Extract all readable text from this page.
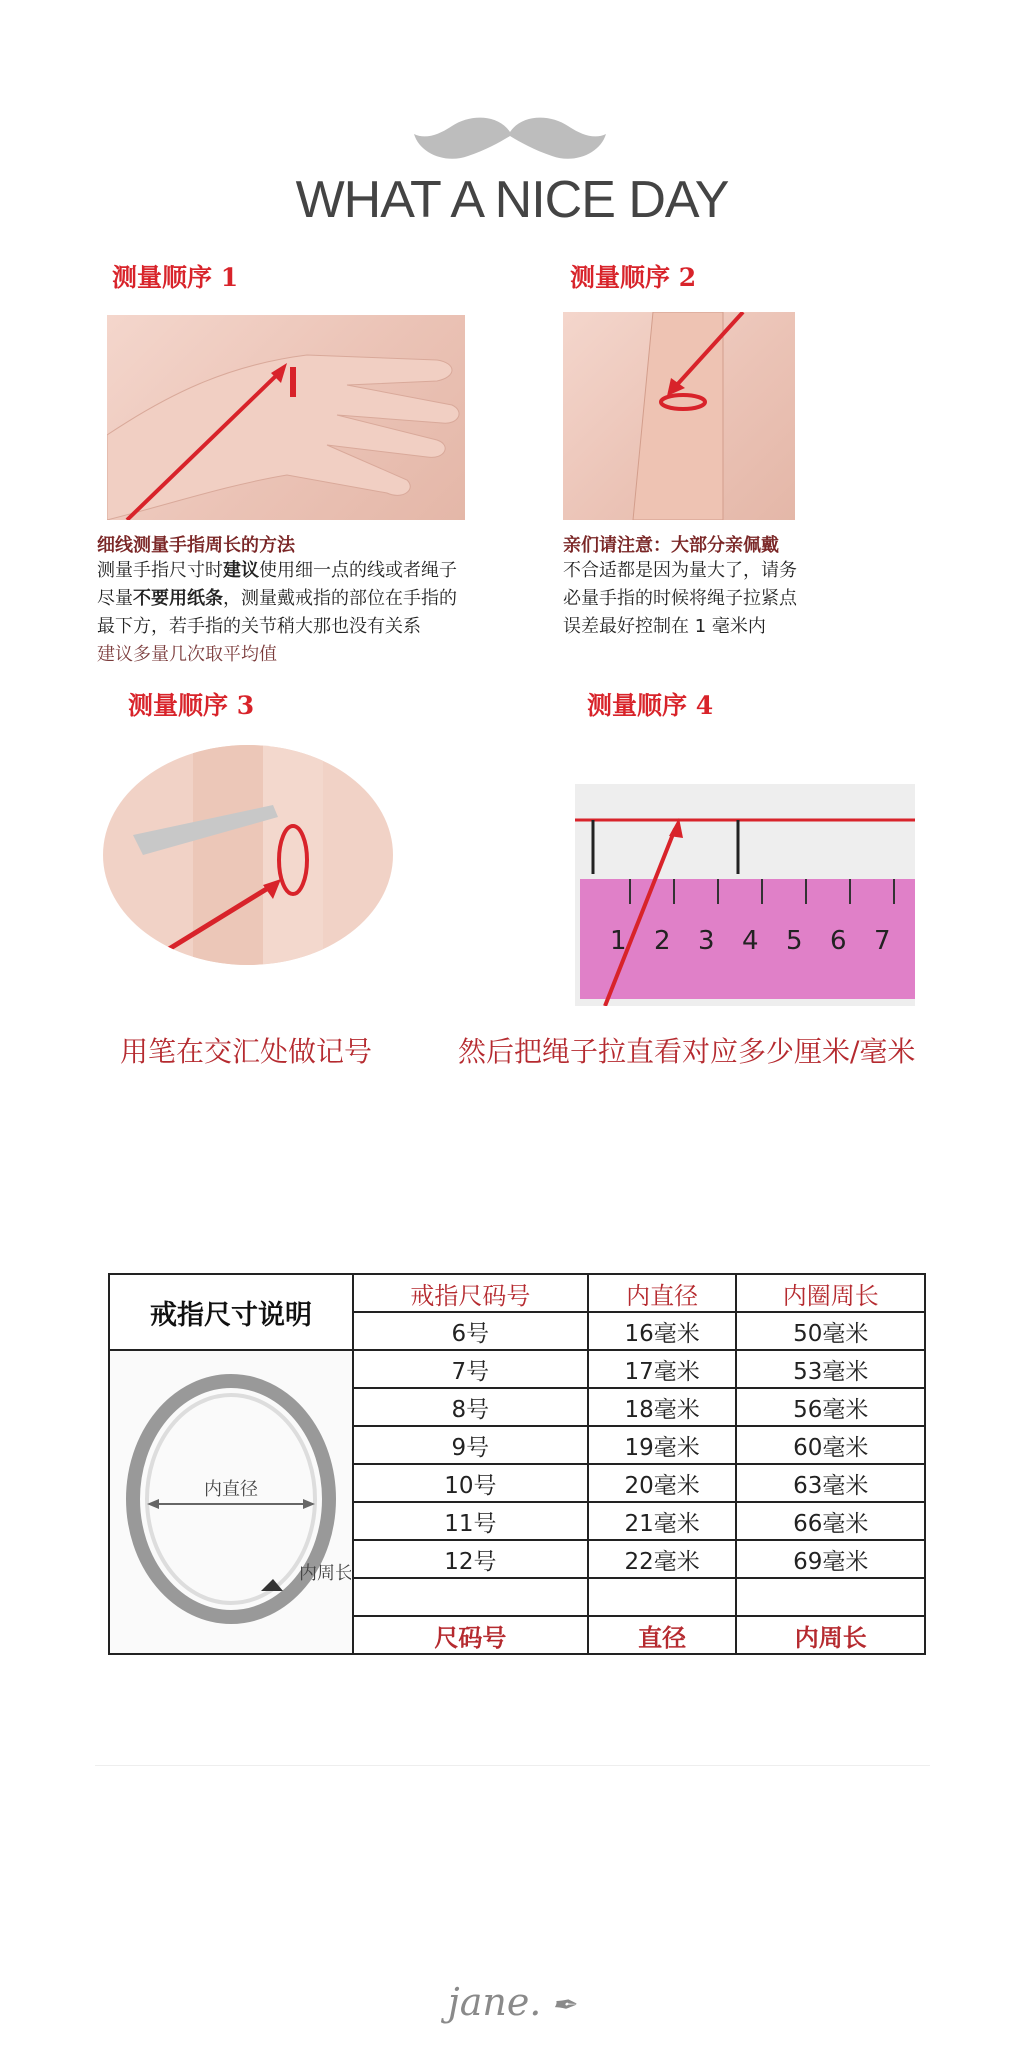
WHAT A NICE DAY
测量顺序 1
细线测量手指周长的方法
测量手指尺寸时建议使用细一点的线或者绳子
尽量不要用纸条，测量戴戒指的部位在手指的
最下方，若手指的关节稍大那也没有关系
建议多量几次取平均值
测量顺序 2
亲们请注意：大部分亲佩戴
不合适都是因为量大了，请务
必量手指的时候将绳子拉紧点
误差最好控制在 1 毫米内
测量顺序 3
用笔在交汇处做记号
测量顺序 4
1 2 3 4 5 6 7
然后把绳子拉直看对应多少厘米/毫米
戒指尺寸说明	戒指尺码号	内直径	内圈周长
	6号	16毫米	50毫米

内直径
内周长	7号	17毫米	53毫米
	8号	18毫米	56毫米
	9号	19毫米	60毫米
	10号	20毫米	63毫米
	11号	21毫米	66毫米
	12号	22毫米	69毫米

	尺码号	直径	内周长
jane. ✒
